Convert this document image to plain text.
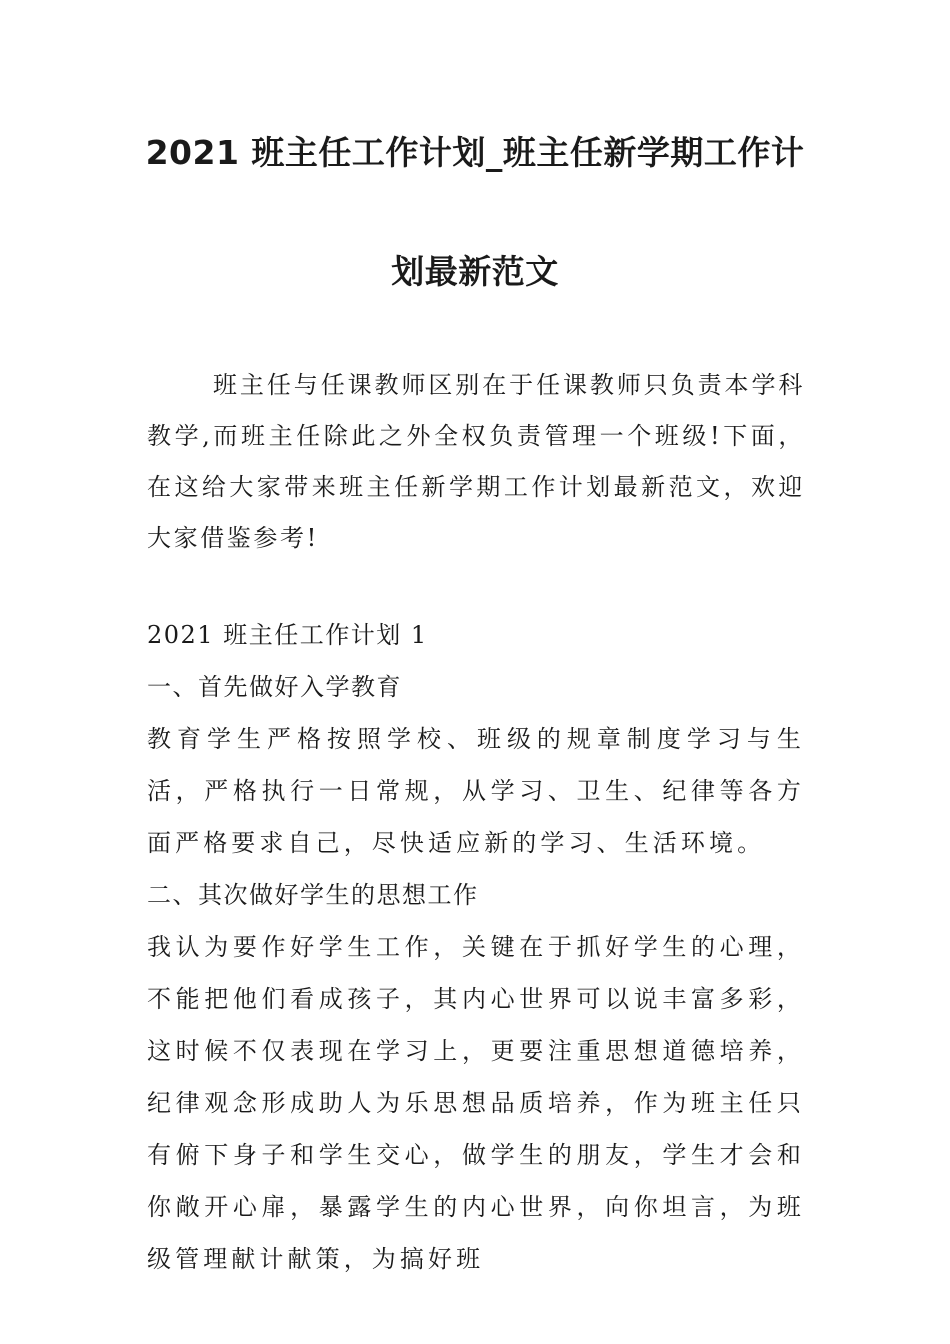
2021 班主任工作计划_班主任新学期工作计
划最新范文

班主任与任课教师区别在于任课教师只负责本学科教学,而班主任除此之外全权负责管理一个班级!下面，在这给大家带来班主任新学期工作计划最新范文，欢迎大家借鉴参考!

2021 班主任工作计划 1
一、首先做好入学教育
教育学生严格按照学校、班级的规章制度学习与生活，严格执行一日常规，从学习、卫生、纪律等各方面严格要求自己，尽快适应新的学习、生活环境。
二、其次做好学生的思想工作
我认为要作好学生工作，关键在于抓好学生的心理，不能把他们看成孩子，其内心世界可以说丰富多彩，这时候不仅表现在学习上，更要注重思想道德培养，纪律观念形成助人为乐思想品质培养，作为班主任只有俯下身子和学生交心，做学生的朋友，学生才会和你敞开心扉，暴露学生的内心世界，向你坦言，为班级管理献计献策，为搞好班
